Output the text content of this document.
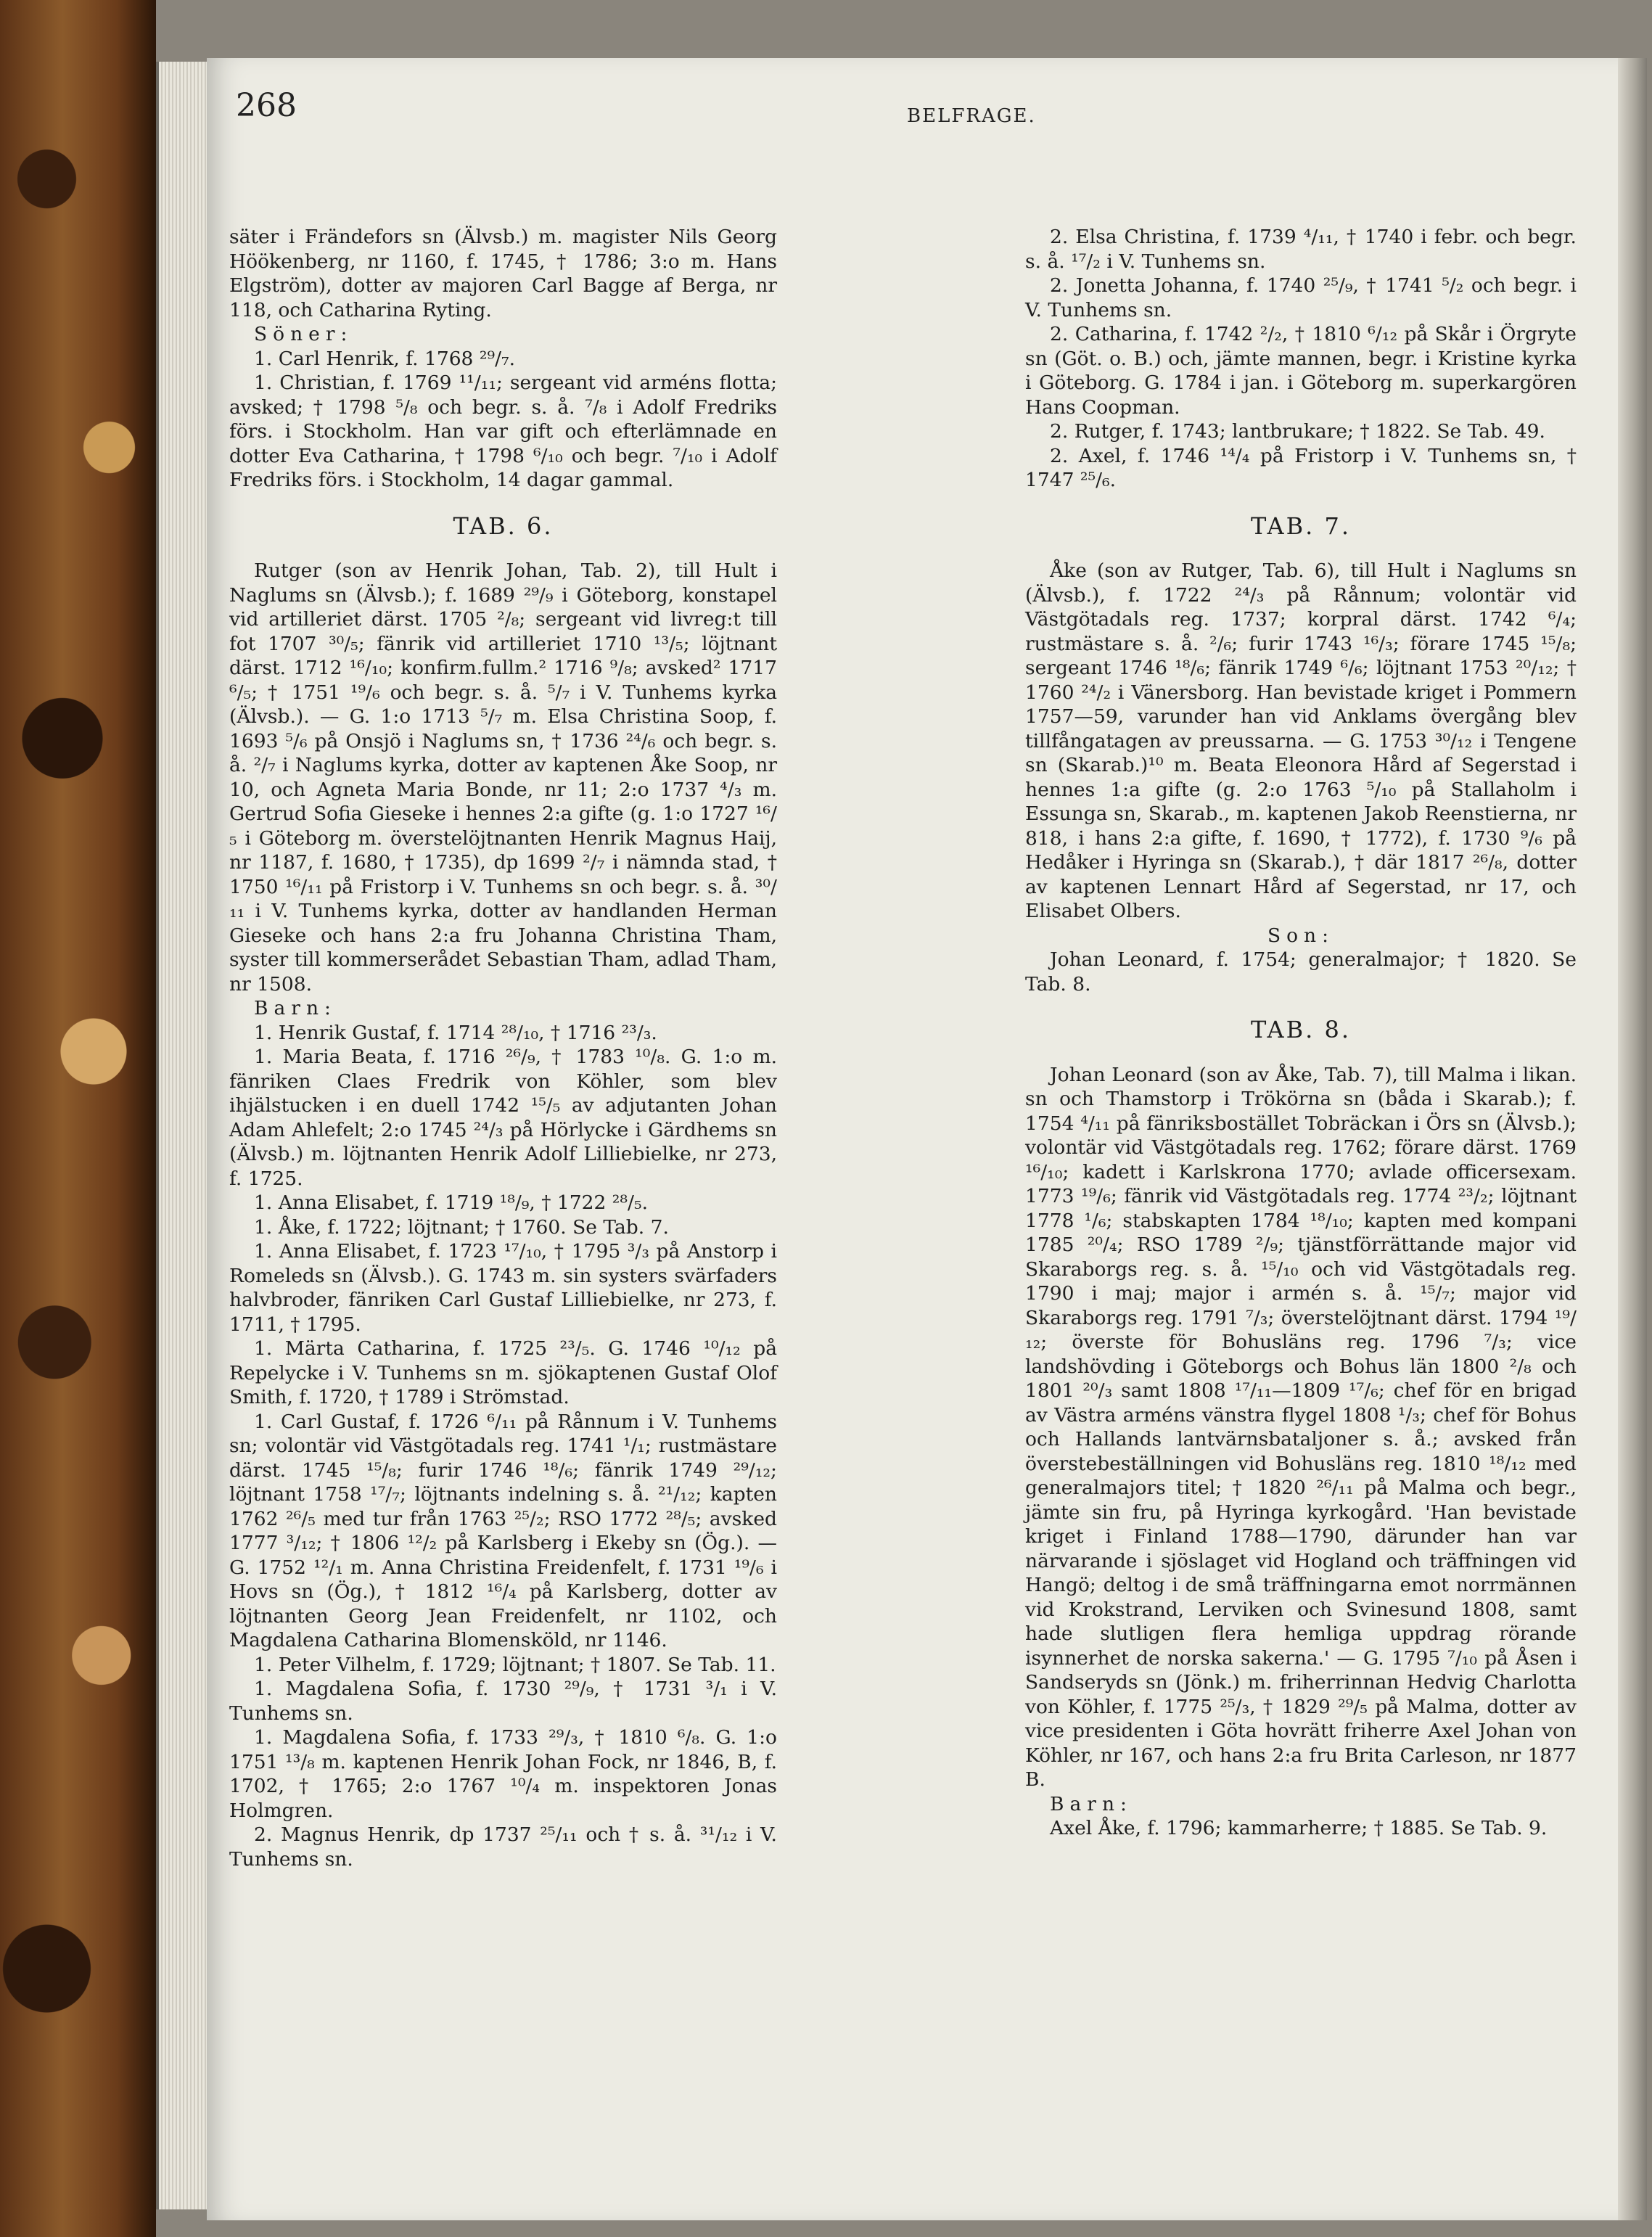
268	BELFRAGE.

säter i Frändefors sn (Älvsb.) m. magister Nils Georg Höökenberg, nr 1160, f. 1745, † 1786; 3:o m. Hans Elgström), dotter av majoren Carl Bagge af Berga, nr 118, och Catharina Ryting.

Söner:

1. Carl Henrik, f. 1768 ²⁹/₇.

1. Christian, f. 1769 ¹¹/₁₁; sergeant vid arméns flotta; avsked; † 1798 ⁵/₈ och begr. s. å. ⁷/₈ i Adolf Fredriks förs. i Stockholm. Han var gift och efterlämnade en dotter Eva Catharina, † 1798 ⁶/₁₀ och begr. ⁷/₁₀ i Adolf Fredriks förs. i Stockholm, 14 dagar gammal.

TAB. 6.

Rutger (son av Henrik Johan, Tab. 2), till Hult i Naglums sn (Älvsb.); f. 1689 ²⁹/₉ i Göteborg, konstapel vid artilleriet därst. 1705 ²/₈; sergeant vid livreg:t till fot 1707 ³⁰/₅; fänrik vid artilleriet 1710 ¹³/₅; löjtnant därst. 1712 ¹⁶/₁₀; konfirm.fullm.² 1716 ⁹/₈; avsked² 1717 ⁶/₅; † 1751 ¹⁹/₆ och begr. s. å. ⁵/₇ i V. Tunhems kyrka (Älvsb.). — G. 1:o 1713 ⁵/₇ m. Elsa Christina Soop, f. 1693 ⁵/₆ på Onsjö i Naglums sn, † 1736 ²⁴/₆ och begr. s. å. ²/₇ i Naglums kyrka, dotter av kaptenen Åke Soop, nr 10, och Agneta Maria Bonde, nr 11; 2:o 1737 ⁴/₃ m. Gertrud Sofia Gieseke i hennes 2:a gifte (g. 1:o 1727 ¹⁶/₅ i Göteborg m. överstelöjtnanten Henrik Magnus Haij, nr 1187, f. 1680, † 1735), dp 1699 ²/₇ i nämnda stad, † 1750 ¹⁶/₁₁ på Fristorp i V. Tunhems sn och begr. s. å. ³⁰/₁₁ i V. Tunhems kyrka, dotter av handlanden Herman Gieseke och hans 2:a fru Johanna Christina Tham, syster till kommerserådet Sebastian Tham, adlad Tham, nr 1508.

Barn:

1. Henrik Gustaf, f. 1714 ²⁸/₁₀, † 1716 ²³/₃.

1. Maria Beata, f. 1716 ²⁶/₉, † 1783 ¹⁰/₈. G. 1:o m. fänriken Claes Fredrik von Köhler, som blev ihjälstucken i en duell 1742 ¹⁵/₅ av adjutanten Johan Adam Ahlefelt; 2:o 1745 ²⁴/₃ på Hörlycke i Gärdhems sn (Älvsb.) m. löjtnanten Henrik Adolf Lilliebielke, nr 273, f. 1725.

1. Anna Elisabet, f. 1719 ¹⁸/₉, † 1722 ²⁸/₅.

1. Åke, f. 1722; löjtnant; † 1760. Se Tab. 7.

1. Anna Elisabet, f. 1723 ¹⁷/₁₀, † 1795 ³/₃ på Anstorp i Romeleds sn (Älvsb.). G. 1743 m. sin systers svärfaders halvbroder, fänriken Carl Gustaf Lilliebielke, nr 273, f. 1711, † 1795.

1. Märta Catharina, f. 1725 ²³/₅. G. 1746 ¹⁰/₁₂ på Repelycke i V. Tunhems sn m. sjökaptenen Gustaf Olof Smith, f. 1720, † 1789 i Strömstad.

1. Carl Gustaf, f. 1726 ⁶/₁₁ på Rånnum i V. Tunhems sn; volontär vid Västgötadals reg. 1741 ¹/₁; rustmästare därst. 1745 ¹⁵/₈; furir 1746 ¹⁸/₆; fänrik 1749 ²⁹/₁₂; löjtnant 1758 ¹⁷/₇; löjtnants indelning s. å. ²¹/₁₂; kapten 1762 ²⁶/₅ med tur från 1763 ²⁵/₂; RSO 1772 ²⁸/₅; avsked 1777 ³/₁₂; † 1806 ¹²/₂ på Karlsberg i Ekeby sn (Ög.). — G. 1752 ¹²/₁ m. Anna Christina Freidenfelt, f. 1731 ¹⁹/₆ i Hovs sn (Ög.), † 1812 ¹⁶/₄ på Karlsberg, dotter av löjtnanten Georg Jean Freidenfelt, nr 1102, och Magdalena Catharina Blomensköld, nr 1146.

1. Peter Vilhelm, f. 1729; löjtnant; † 1807. Se Tab. 11.

1. Magdalena Sofia, f. 1730 ²⁹/₉, † 1731 ³/₁ i V. Tunhems sn.

1. Magdalena Sofia, f. 1733 ²⁹/₃, † 1810 ⁶/₈. G. 1:o 1751 ¹³/₈ m. kaptenen Henrik Johan Fock, nr 1846, B, f. 1702, † 1765; 2:o 1767 ¹⁰/₄ m. inspektoren Jonas Holmgren.

2. Magnus Henrik, dp 1737 ²⁵/₁₁ och † s. å. ³¹/₁₂ i V. Tunhems sn.

2. Elsa Christina, f. 1739 ⁴/₁₁, † 1740 i febr. och begr. s. å. ¹⁷/₂ i V. Tunhems sn.

2. Jonetta Johanna, f. 1740 ²⁵/₉, † 1741 ⁵/₂ och begr. i V. Tunhems sn.

2. Catharina, f. 1742 ²/₂, † 1810 ⁶/₁₂ på Skår i Örgryte sn (Göt. o. B.) och, jämte mannen, begr. i Kristine kyrka i Göteborg. G. 1784 i jan. i Göteborg m. superkargören Hans Coopman.

2. Rutger, f. 1743; lantbrukare; † 1822. Se Tab. 49.

2. Axel, f. 1746 ¹⁴/₄ på Fristorp i V. Tunhems sn, † 1747 ²⁵/₆.

TAB. 7.

Åke (son av Rutger, Tab. 6), till Hult i Naglums sn (Älvsb.), f. 1722 ²⁴/₃ på Rånnum; volontär vid Västgötadals reg. 1737; korpral därst. 1742 ⁶/₄; rustmästare s. å. ²/₆; furir 1743 ¹⁶/₃; förare 1745 ¹⁵/₈; sergeant 1746 ¹⁸/₆; fänrik 1749 ⁶/₆; löjtnant 1753 ²⁰/₁₂; † 1760 ²⁴/₂ i Vänersborg. Han bevistade kriget i Pommern 1757—59, varunder han vid Anklams övergång blev tillfångatagen av preussarna. — G. 1753 ³⁰/₁₂ i Tengene sn (Skarab.)¹⁰ m. Beata Eleonora Hård af Segerstad i hennes 1:a gifte (g. 2:o 1763 ⁵/₁₀ på Stallaholm i Essunga sn, Skarab., m. kaptenen Jakob Reenstierna, nr 818, i hans 2:a gifte, f. 1690, † 1772), f. 1730 ⁹/₆ på Hedåker i Hyringa sn (Skarab.), † där 1817 ²⁶/₈, dotter av kaptenen Lennart Hård af Segerstad, nr 17, och Elisabet Olbers.

Son:

Johan Leonard, f. 1754; generalmajor; † 1820. Se Tab. 8.

TAB. 8.

Johan Leonard (son av Åke, Tab. 7), till Malma i likan. sn och Thamstorp i Trökörna sn (båda i Skarab.); f. 1754 ⁴/₁₁ på fänriksbostället Tobräckan i Örs sn (Älvsb.); volontär vid Västgötadals reg. 1762; förare därst. 1769 ¹⁶/₁₀; kadett i Karlskrona 1770; avlade officersexam. 1773 ¹⁹/₆; fänrik vid Västgötadals reg. 1774 ²³/₂; löjtnant 1778 ¹/₆; stabskapten 1784 ¹⁸/₁₀; kapten med kompani 1785 ²⁰/₄; RSO 1789 ²/₉; tjänstförrättande major vid Skaraborgs reg. s. å. ¹⁵/₁₀ och vid Västgötadals reg. 1790 i maj; major i armén s. å. ¹⁵/₇; major vid Skaraborgs reg. 1791 ⁷/₃; överstelöjtnant därst. 1794 ¹⁹/₁₂; överste för Bohusläns reg. 1796 ⁷/₃; vice landshövding i Göteborgs och Bohus län 1800 ²/₈ och 1801 ²⁰/₃ samt 1808 ¹⁷/₁₁—1809 ¹⁷/₆; chef för en brigad av Västra arméns vänstra flygel 1808 ¹/₃; chef för Bohus och Hallands lantvärnsbataljoner s. å.; avsked från överstebeställningen vid Bohusläns reg. 1810 ¹⁸/₁₂ med generalmajors titel; † 1820 ²⁶/₁₁ på Malma och begr., jämte sin fru, på Hyringa kyrkogård. 'Han bevistade kriget i Finland 1788—1790, därunder han var närvarande i sjöslaget vid Hogland och träffningen vid Hangö; deltog i de små träffningarna emot norrmännen vid Krokstrand, Lerviken och Svinesund 1808, samt hade slutligen flera hemliga uppdrag rörande isynnerhet de norska sakerna.' — G. 1795 ⁷/₁₀ på Åsen i Sandseryds sn (Jönk.) m. friherrinnan Hedvig Charlotta von Köhler, f. 1775 ²⁵/₃, † 1829 ²⁹/₅ på Malma, dotter av vice presidenten i Göta hovrätt friherre Axel Johan von Köhler, nr 167, och hans 2:a fru Brita Carleson, nr 1877 B.

Barn:

Axel Åke, f. 1796; kammarherre; † 1885. Se Tab. 9.
